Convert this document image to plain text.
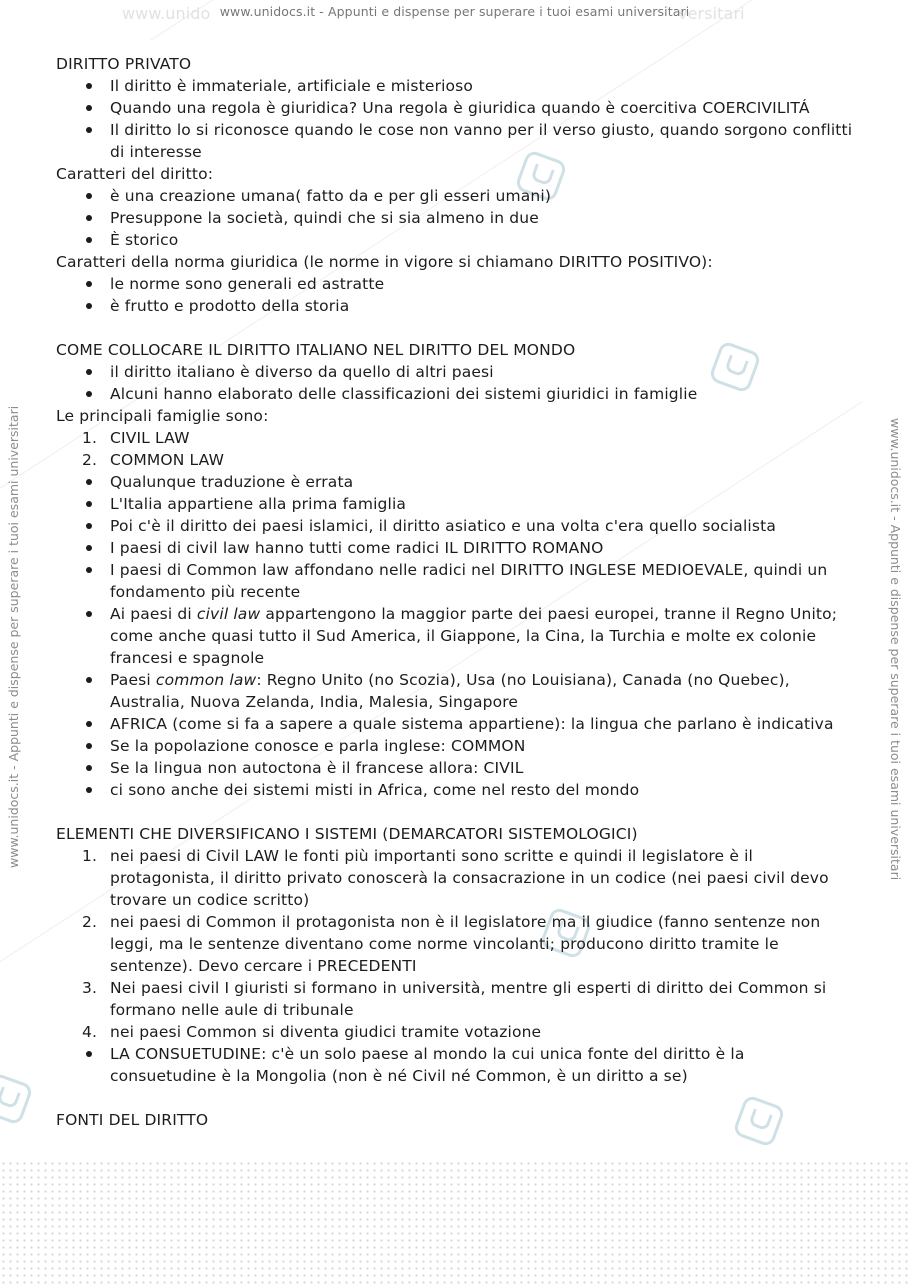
www.unido www.unidocs.it - Appunti e dispense per superare i tuoi esami universitari
versitari
www.unidocs.it - Appunti e dispense per superare i tuoi esami universitari	www.unidocs.it - Appunti e dispense per superare i tuoi esami universitari

DIRITTO PRIVATO

Il diritto è immateriale, artificiale e misterioso
Quando una regola è giuridica? Una regola è giuridica quando è coercitiva COERCIVILITÁ
Il diritto lo si riconosce quando le cose non vanno per il verso giusto, quando sorgono conflitti di interesse

Caratteri del diritto:

è una creazione umana( fatto da e per gli esseri umani)
Presuppone la società, quindi che si sia almeno in due
È storico

Caratteri della norma giuridica (le norme in vigore si chiamano DIRITTO POSITIVO):

le norme sono generali ed astratte
è frutto e prodotto della storia

COME COLLOCARE IL DIRITTO ITALIANO NEL DIRITTO DEL MONDO

il diritto italiano è diverso da quello di altri paesi
Alcuni hanno elaborato delle classificazioni dei sistemi giuridici in famiglie

Le principali famiglie sono:

1. CIVIL LAW
2. COMMON LAW
Qualunque traduzione è errata
L'Italia appartiene alla prima famiglia
Poi c'è il diritto dei paesi islamici, il diritto asiatico e una volta c'era quello socialista
I paesi di civil law hanno tutti come radici IL DIRITTO ROMANO
I paesi di Common law affondano nelle radici nel DIRITTO INGLESE MEDIOEVALE, quindi un fondamento più recente
Ai paesi di civil law appartengono la maggior parte dei paesi europei, tranne il Regno Unito; come anche quasi tutto il Sud America, il Giappone, la Cina, la Turchia e molte ex colonie francesi e spagnole
Paesi common law: Regno Unito (no Scozia), Usa (no Louisiana), Canada (no Quebec), Australia, Nuova Zelanda, India, Malesia, Singapore
AFRICA (come si fa a sapere a quale sistema appartiene): la lingua che parlano è indicativa
Se la popolazione conosce e parla inglese: COMMON
Se la lingua non autoctona è il francese allora: CIVIL
ci sono anche dei sistemi misti in Africa, come nel resto del mondo

ELEMENTI CHE DIVERSIFICANO I SISTEMI (DEMARCATORI SISTEMOLOGICI)

1. nei paesi di Civil LAW le fonti più importanti sono scritte e quindi il legislatore è il protagonista, il diritto privato conoscerà la consacrazione in un codice (nei paesi civil devo trovare un codice scritto)
2. nei paesi di Common il protagonista non è il legislatore ma il giudice (fanno sentenze non leggi, ma le sentenze diventano come norme vincolanti; producono diritto tramite le sentenze). Devo cercare i PRECEDENTI
3. Nei paesi civil I giuristi si formano in università, mentre gli esperti di diritto dei Common si formano nelle aule di tribunale
4. nei paesi Common si diventa giudici tramite votazione
LA CONSUETUDINE: c'è un solo paese al mondo la cui unica fonte del diritto è la consuetudine è la Mongolia (non è né Civil né Common, è un diritto a se)

FONTI DEL DIRITTO
